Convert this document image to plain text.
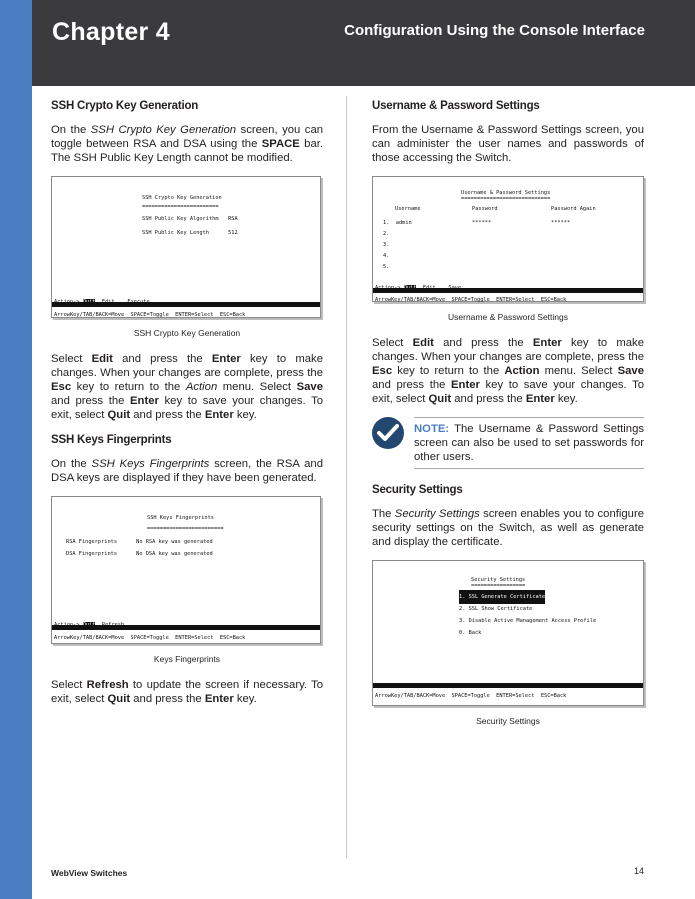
Chapter 4	Configuration Using the Console Interface
SSH Crypto Key Generation

On the SSH Crypto Key Generation screen, you can toggle between RSA and DSA using the SPACE bar. The SSH Public Key Length cannot be modified.

SSH Crypto Key Generation
========================
SSH Public Key Algorithm   RSA
SSH Public Key Length      512

ArrowKey/TAB/BACK=Move  SPACE=Toggle  ENTER=Select  ESC=Back
SSH Crypto Key Generation

Select Edit and press the Enter key to make changes. When your changes are complete, press the Esc key to return to the Action menu. Select Save and press the Enter key to save your changes. To exit, select Quit and press the Enter key.

SSH Keys Fingerprints

On the SSH Keys Fingerprints screen, the RSA and DSA keys are displayed if they have been generated.

SSH Keys Fingerprints
========================
RSA Fingerprints      No RSA key was generated
DSA Fingerprints      No DSA key was generated

ArrowKey/TAB/BACK=Move  SPACE=Toggle  ENTER=Select  ESC=Back
Keys Fingerprints

Select Refresh to update the screen if necessary. To exit, select Quit and press the Enter key.

Username & Password Settings

From the Username & Password Settings screen, you can administer the user names and passwords of those accessing the Switch.

Username & Password Settings
============================
Username	Password	Password Again
1.  admin	******	******
2.
3.
4.
5.

ArrowKey/TAB/BACK=Move  SPACE=Toggle  ENTER=Select  ESC=Back
Username & Password Settings

Select Edit and press the Enter key to make changes. When your changes are complete, press the Esc key to return to the Action menu. Select Save and press the Enter key to save your changes. To exit, select Quit and press the Enter key.

NOTE: The Username & Password Settings screen can also be used to set passwords for other users.
Security Settings

The Security Settings screen enables you to configure security settings on the Switch, as well as generate and display the certificate.

Security Settings
=================
1. SSL Generate Certificate
2. SSL Show Certificate
3. Disable Active Management Access Profile
0. Back
ArrowKey/TAB/BACK=Move  SPACE=Toggle  ENTER=Select  ESC=Back
Security Settings
WebView Switches	14
